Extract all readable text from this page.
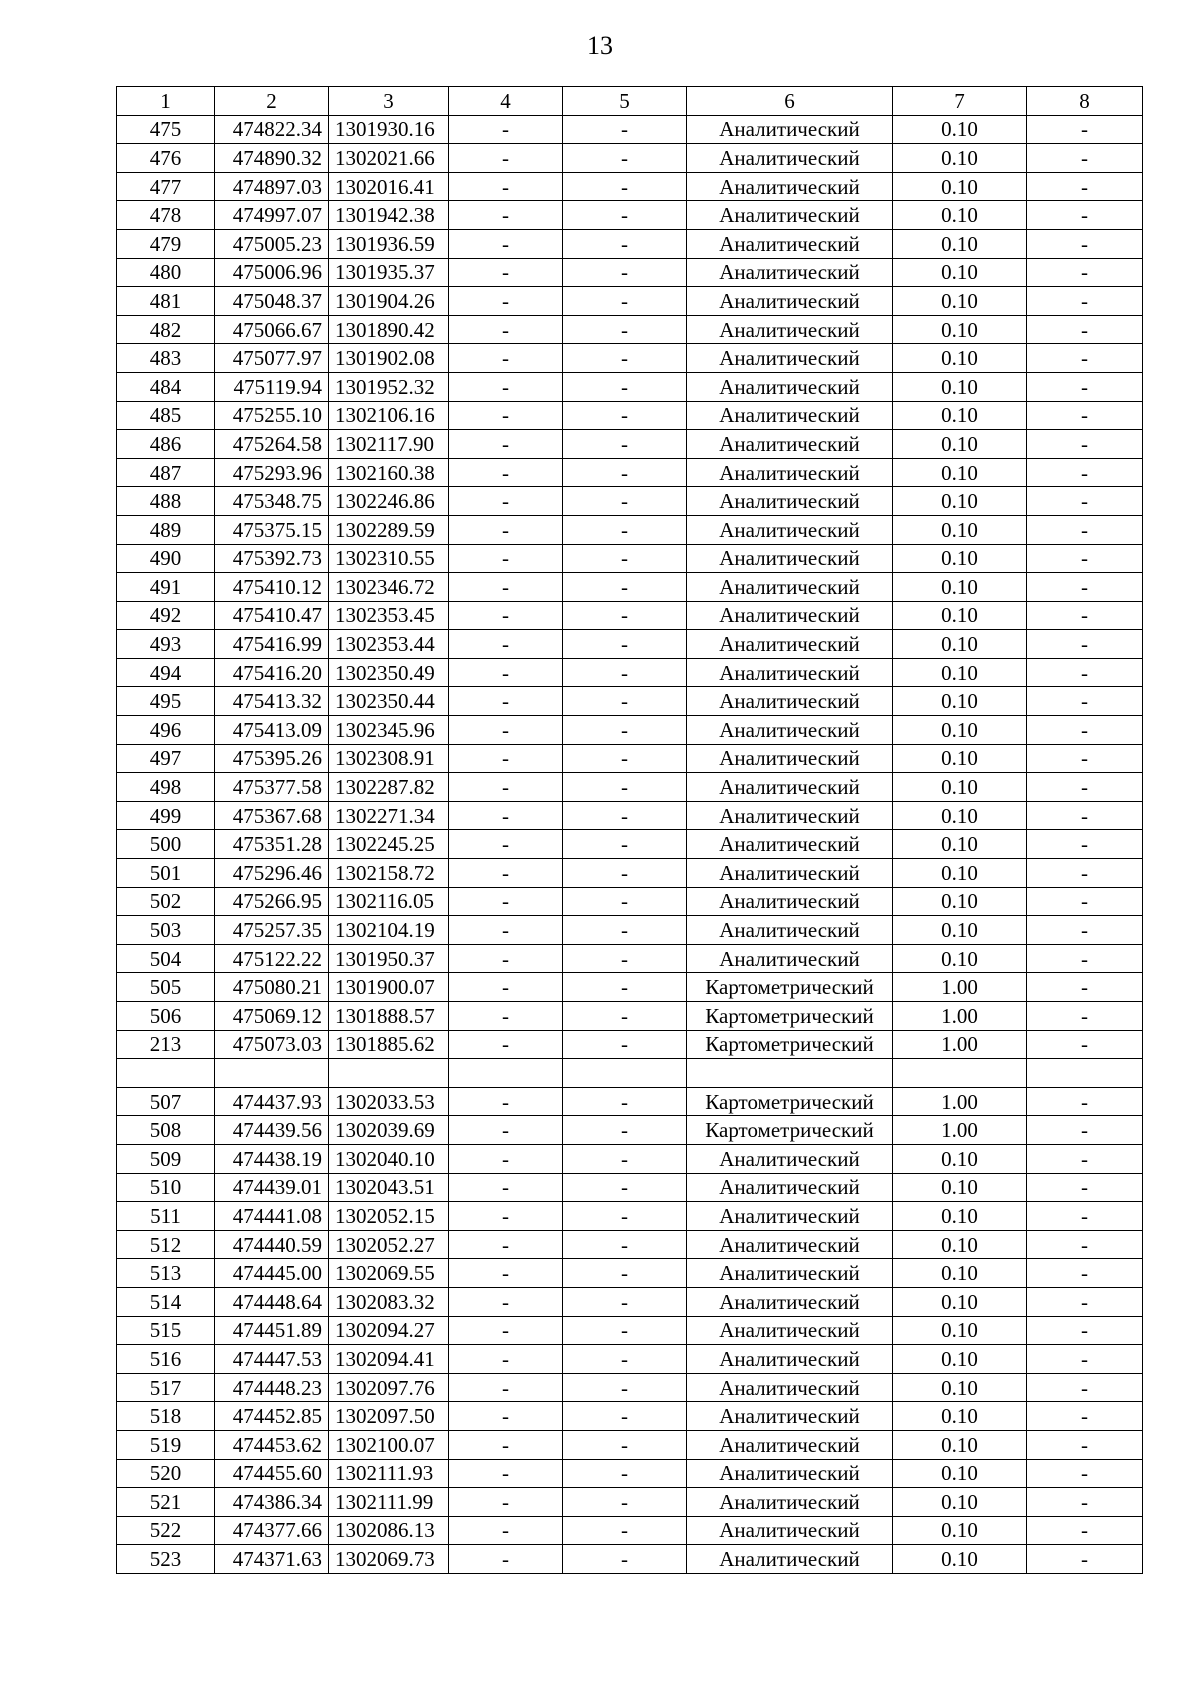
13
1	2	3	4	5	6	7	8
475	474822.34	1301930.16	-	-	Аналитический	0.10	-
476	474890.32	1302021.66	-	-	Аналитический	0.10	-
477	474897.03	1302016.41	-	-	Аналитический	0.10	-
478	474997.07	1301942.38	-	-	Аналитический	0.10	-
479	475005.23	1301936.59	-	-	Аналитический	0.10	-
480	475006.96	1301935.37	-	-	Аналитический	0.10	-
481	475048.37	1301904.26	-	-	Аналитический	0.10	-
482	475066.67	1301890.42	-	-	Аналитический	0.10	-
483	475077.97	1301902.08	-	-	Аналитический	0.10	-
484	475119.94	1301952.32	-	-	Аналитический	0.10	-
485	475255.10	1302106.16	-	-	Аналитический	0.10	-
486	475264.58	1302117.90	-	-	Аналитический	0.10	-
487	475293.96	1302160.38	-	-	Аналитический	0.10	-
488	475348.75	1302246.86	-	-	Аналитический	0.10	-
489	475375.15	1302289.59	-	-	Аналитический	0.10	-
490	475392.73	1302310.55	-	-	Аналитический	0.10	-
491	475410.12	1302346.72	-	-	Аналитический	0.10	-
492	475410.47	1302353.45	-	-	Аналитический	0.10	-
493	475416.99	1302353.44	-	-	Аналитический	0.10	-
494	475416.20	1302350.49	-	-	Аналитический	0.10	-
495	475413.32	1302350.44	-	-	Аналитический	0.10	-
496	475413.09	1302345.96	-	-	Аналитический	0.10	-
497	475395.26	1302308.91	-	-	Аналитический	0.10	-
498	475377.58	1302287.82	-	-	Аналитический	0.10	-
499	475367.68	1302271.34	-	-	Аналитический	0.10	-
500	475351.28	1302245.25	-	-	Аналитический	0.10	-
501	475296.46	1302158.72	-	-	Аналитический	0.10	-
502	475266.95	1302116.05	-	-	Аналитический	0.10	-
503	475257.35	1302104.19	-	-	Аналитический	0.10	-
504	475122.22	1301950.37	-	-	Аналитический	0.10	-
505	475080.21	1301900.07	-	-	Картометрический	1.00	-
506	475069.12	1301888.57	-	-	Картометрический	1.00	-
213	475073.03	1301885.62	-	-	Картометрический	1.00	-

507	474437.93	1302033.53	-	-	Картометрический	1.00	-
508	474439.56	1302039.69	-	-	Картометрический	1.00	-
509	474438.19	1302040.10	-	-	Аналитический	0.10	-
510	474439.01	1302043.51	-	-	Аналитический	0.10	-
511	474441.08	1302052.15	-	-	Аналитический	0.10	-
512	474440.59	1302052.27	-	-	Аналитический	0.10	-
513	474445.00	1302069.55	-	-	Аналитический	0.10	-
514	474448.64	1302083.32	-	-	Аналитический	0.10	-
515	474451.89	1302094.27	-	-	Аналитический	0.10	-
516	474447.53	1302094.41	-	-	Аналитический	0.10	-
517	474448.23	1302097.76	-	-	Аналитический	0.10	-
518	474452.85	1302097.50	-	-	Аналитический	0.10	-
519	474453.62	1302100.07	-	-	Аналитический	0.10	-
520	474455.60	1302111.93	-	-	Аналитический	0.10	-
521	474386.34	1302111.99	-	-	Аналитический	0.10	-
522	474377.66	1302086.13	-	-	Аналитический	0.10	-
523	474371.63	1302069.73	-	-	Аналитический	0.10	-
